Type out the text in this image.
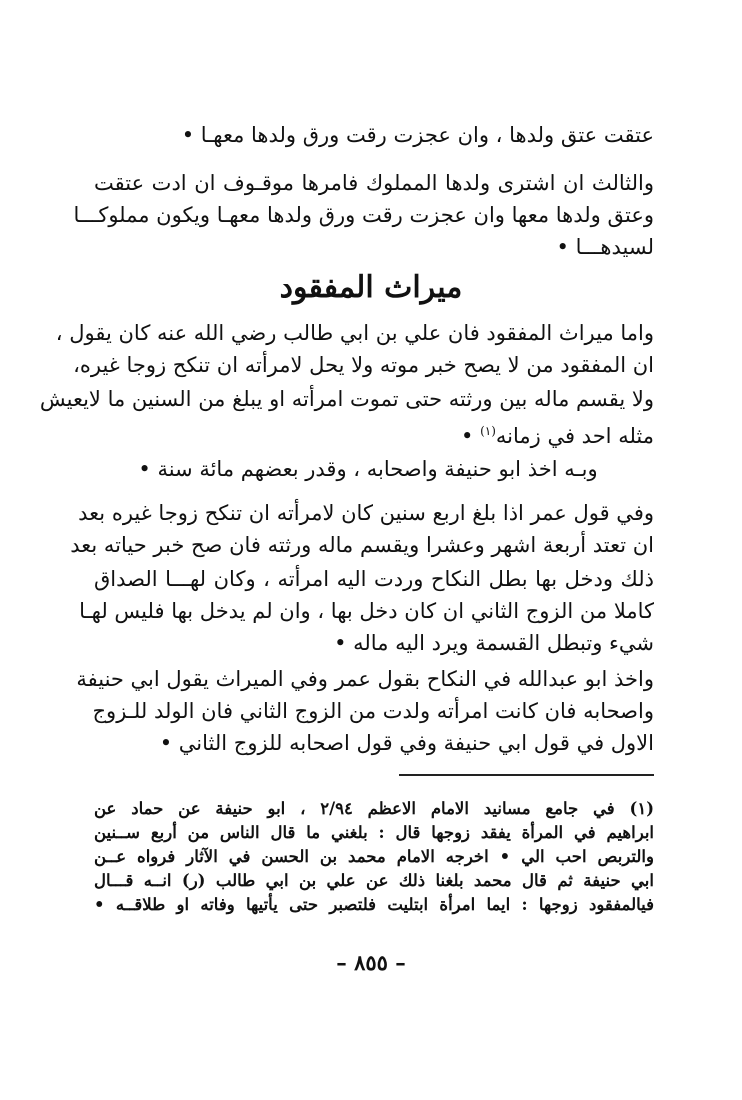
عتقت عتق ولدها ، وان عجزت رقت ورق ولدها معهـا •
والثالث ان اشترى ولدها المملوك فامرها موقـوف ان ادت عتقت
وعتق ولدها معها وان عجزت رقت ورق ولدها معهـا ويكون مملوكـــا
لسيدهـــا •
ميراث المفقود
واما ميراث المفقود فان علي بن ابي طالب رضي الله عنه كان يقول ،
ان المفقود من لا يصح خبر موته ولا يحل لامرأته ان تنكح زوجا غيره،
ولا يقسم ماله بين ورثته حتى تموت امرأته او يبلغ من السنين ما لايعيش
مثله احد في زمانه$^{(١)}$ •
وبـه اخذ ابو حنيفة واصحابه ، وقدر بعضهم مائة سنة •
وفي قول عمر اذا بلغ اربع سنين كان لامرأته ان تنكح زوجا غيره بعد
ان تعتد أربعة اشهر وعشرا ويقسم ماله ورثته فان صح خبر حياته بعد
ذلك ودخل بها بطل النكاح وردت اليه امرأته ، وكان لهـــا الصداق
كاملا من الزوج الثاني ان كان دخل بها ، وان لم يدخل بها فليس لهـا
شيء وتبطل القسمة ويرد اليه ماله •
واخذ ابو عبدالله في النكاح بقول عمر وفي الميراث يقول ابي حنيفة
واصحابه فان كانت امرأته ولدت من الزوج الثاني فان الولد للـزوج
الاول في قول ابي حنيفة وفي قول اصحابه للزوج الثاني •
(١) في جامع مسانيد الامام الاعظم ٢/٩٤ ، ابو حنيفة عن حماد عن
ابراهيم في المرأة يفقد زوجها قال : بلغني ما قال الناس من أربع ســنين
والتربص احب الي • اخرجه الامام محمد بن الحسن في الآثار فرواه عــن
ابي حنيفة ثم قال محمد بلغنا ذلك عن علي بن ابي طالب (ر) انــه قـــال
فيالمفقود زوجها : ايما امرأة ابتليت فلتصبر حتى يأتيها وفاته او طلاقــه •
– ٨٥٥ –
